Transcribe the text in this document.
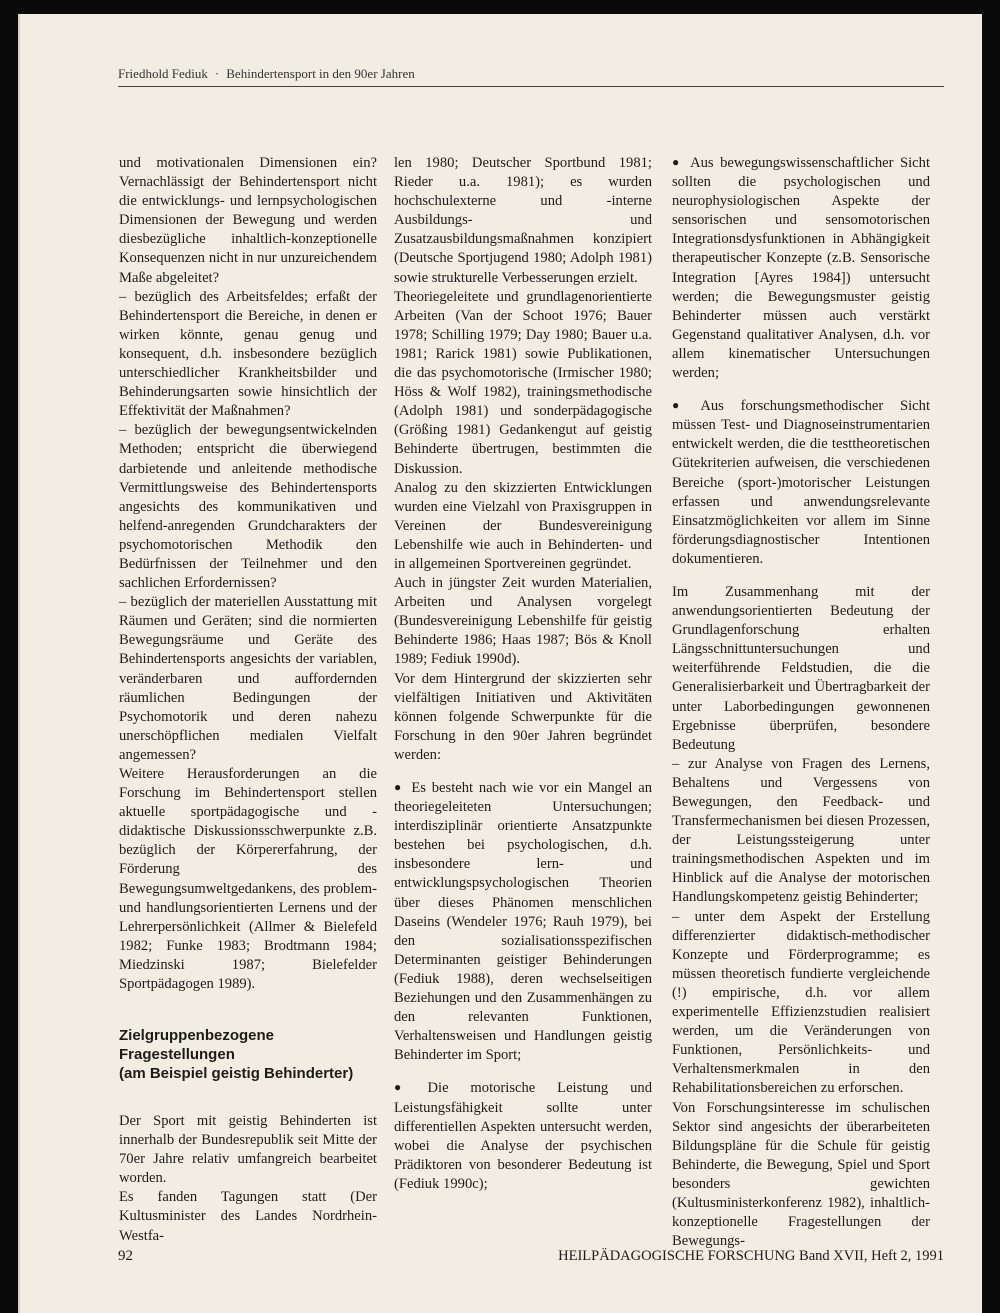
Friedhold Fediuk · Behindertensport in den 90er Jahren

und motivationalen Dimensionen ein? Vernachlässigt der Behindertensport nicht die entwicklungs- und lernpsychologischen Dimensionen der Bewegung und werden diesbezügliche inhaltlich-konzeptionelle Konsequenzen nicht in nur unzureichendem Maße abgeleitet?

– bezüglich des Arbeitsfeldes; erfaßt der Behindertensport die Bereiche, in denen er wirken könnte, genau genug und konsequent, d.h. insbesondere bezüglich unterschiedlicher Krankheitsbilder und Behinderungsarten sowie hinsichtlich der Effektivität der Maßnahmen?

– bezüglich der bewegungsentwickelnden Methoden; entspricht die überwiegend darbietende und anleitende methodische Vermittlungsweise des Behindertensports angesichts des kommunikativen und helfend-anregenden Grundcharakters der psychomotorischen Methodik den Bedürfnissen der Teilnehmer und den sachlichen Erfordernissen?

– bezüglich der materiellen Ausstattung mit Räumen und Geräten; sind die normierten Bewegungsräume und Geräte des Behindertensports angesichts der variablen, veränderbaren und auffordernden räumlichen Bedingungen der Psychomotorik und deren nahezu unerschöpflichen medialen Vielfalt angemessen?

Weitere Herausforderungen an die Forschung im Behindertensport stellen aktuelle sportpädagogische und -didaktische Diskussionsschwerpunkte z.B. bezüglich der Körpererfahrung, der Förderung des Bewegungsumweltgedankens, des problem- und handlungsorientierten Lernens und der Lehrerpersönlichkeit (Allmer & Bielefeld 1982; Funke 1983; Brodtmann 1984; Miedzinski 1987; Bielefelder Sportpädagogen 1989).

Zielgruppenbezogene
Fragestellungen
(am Beispiel geistig Behinderter)

Der Sport mit geistig Behinderten ist innerhalb der Bundesrepublik seit Mitte der 70er Jahre relativ umfangreich bearbeitet worden.

Es fanden Tagungen statt (Der Kultusminister des Landes Nordrhein-Westfa-

len 1980; Deutscher Sportbund 1981; Rieder u.a. 1981); es wurden hochschulexterne und -interne Ausbildungs- und Zusatzausbildungsmaßnahmen konzipiert (Deutsche Sportjugend 1980; Adolph 1981) sowie strukturelle Verbesserungen erzielt.

Theoriegeleitete und grundlagenorientierte Arbeiten (Van der Schoot 1976; Bauer 1978; Schilling 1979; Day 1980; Bauer u.a. 1981; Rarick 1981) sowie Publikationen, die das psychomotorische (Irmischer 1980; Höss & Wolf 1982), trainingsmethodische (Adolph 1981) und sonderpädagogische (Größing 1981) Gedankengut auf geistig Behinderte übertrugen, bestimmten die Diskussion.

Analog zu den skizzierten Entwicklungen wurden eine Vielzahl von Praxisgruppen in Vereinen der Bundesvereinigung Lebenshilfe wie auch in Behinderten- und in allgemeinen Sportvereinen gegründet.

Auch in jüngster Zeit wurden Materialien, Arbeiten und Analysen vorgelegt (Bundesvereinigung Lebenshilfe für geistig Behinderte 1986; Haas 1987; Bös & Knoll 1989; Fediuk 1990d).

Vor dem Hintergrund der skizzierten sehr vielfältigen Initiativen und Aktivitäten können folgende Schwerpunkte für die Forschung in den 90er Jahren begründet werden:

● Es besteht nach wie vor ein Mangel an theoriegeleiteten Untersuchungen; interdisziplinär orientierte Ansatzpunkte bestehen bei psychologischen, d.h. insbesondere lern- und entwicklungspsychologischen Theorien über dieses Phänomen menschlichen Daseins (Wendeler 1976; Rauh 1979), bei den sozialisationsspezifischen Determinanten geistiger Behinderungen (Fediuk 1988), deren wechselseitigen Beziehungen und den Zusammenhängen zu den relevanten Funktionen, Verhaltensweisen und Handlungen geistig Behinderter im Sport;

● Die motorische Leistung und Leistungsfähigkeit sollte unter differentiellen Aspekten untersucht werden, wobei die Analyse der psychischen Prädiktoren von besonderer Bedeutung ist (Fediuk 1990c);

● Aus bewegungswissenschaftlicher Sicht sollten die psychologischen und neurophysiologischen Aspekte der sensorischen und sensomotorischen Integrationsdysfunktionen in Abhängigkeit therapeutischer Konzepte (z.B. Sensorische Integration [Ayres 1984]) untersucht werden; die Bewegungsmuster geistig Behinderter müssen auch verstärkt Gegenstand qualitativer Analysen, d.h. vor allem kinematischer Untersuchungen werden;

● Aus forschungsmethodischer Sicht müssen Test- und Diagnoseinstrumentarien entwickelt werden, die die testtheoretischen Gütekriterien aufweisen, die verschiedenen Bereiche (sport-)motorischer Leistungen erfassen und anwendungsrelevante Einsatzmöglichkeiten vor allem im Sinne förderungsdiagnostischer Intentionen dokumentieren.

Im Zusammenhang mit der anwendungsorientierten Bedeutung der Grundlagenforschung erhalten Längsschnittuntersuchungen und weiterführende Feldstudien, die die Generalisierbarkeit und Übertragbarkeit der unter Laborbedingungen gewonnenen Ergebnisse überprüfen, besondere Bedeutung

– zur Analyse von Fragen des Lernens, Behaltens und Vergessens von Bewegungen, den Feedback- und Transfermechanismen bei diesen Prozessen, der Leistungssteigerung unter trainingsmethodischen Aspekten und im Hinblick auf die Analyse der motorischen Handlungskompetenz geistig Behinderter;

– unter dem Aspekt der Erstellung differenzierter didaktisch-methodischer Konzepte und Förderprogramme; es müssen theoretisch fundierte vergleichende (!) empirische, d.h. vor allem experimentelle Effizienzstudien realisiert werden, um die Veränderungen von Funktionen, Persönlichkeits- und Verhaltensmerkmalen in den Rehabilitationsbereichen zu erforschen.

Von Forschungsinteresse im schulischen Sektor sind angesichts der überarbeiteten Bildungspläne für die Schule für geistig Behinderte, die Bewegung, Spiel und Sport besonders gewichten (Kultusministerkonferenz 1982), inhaltlich-konzeptionelle Fragestellungen der Bewegungs-

92	HEILPÄDAGOGISCHE FORSCHUNG Band XVII, Heft 2, 1991
